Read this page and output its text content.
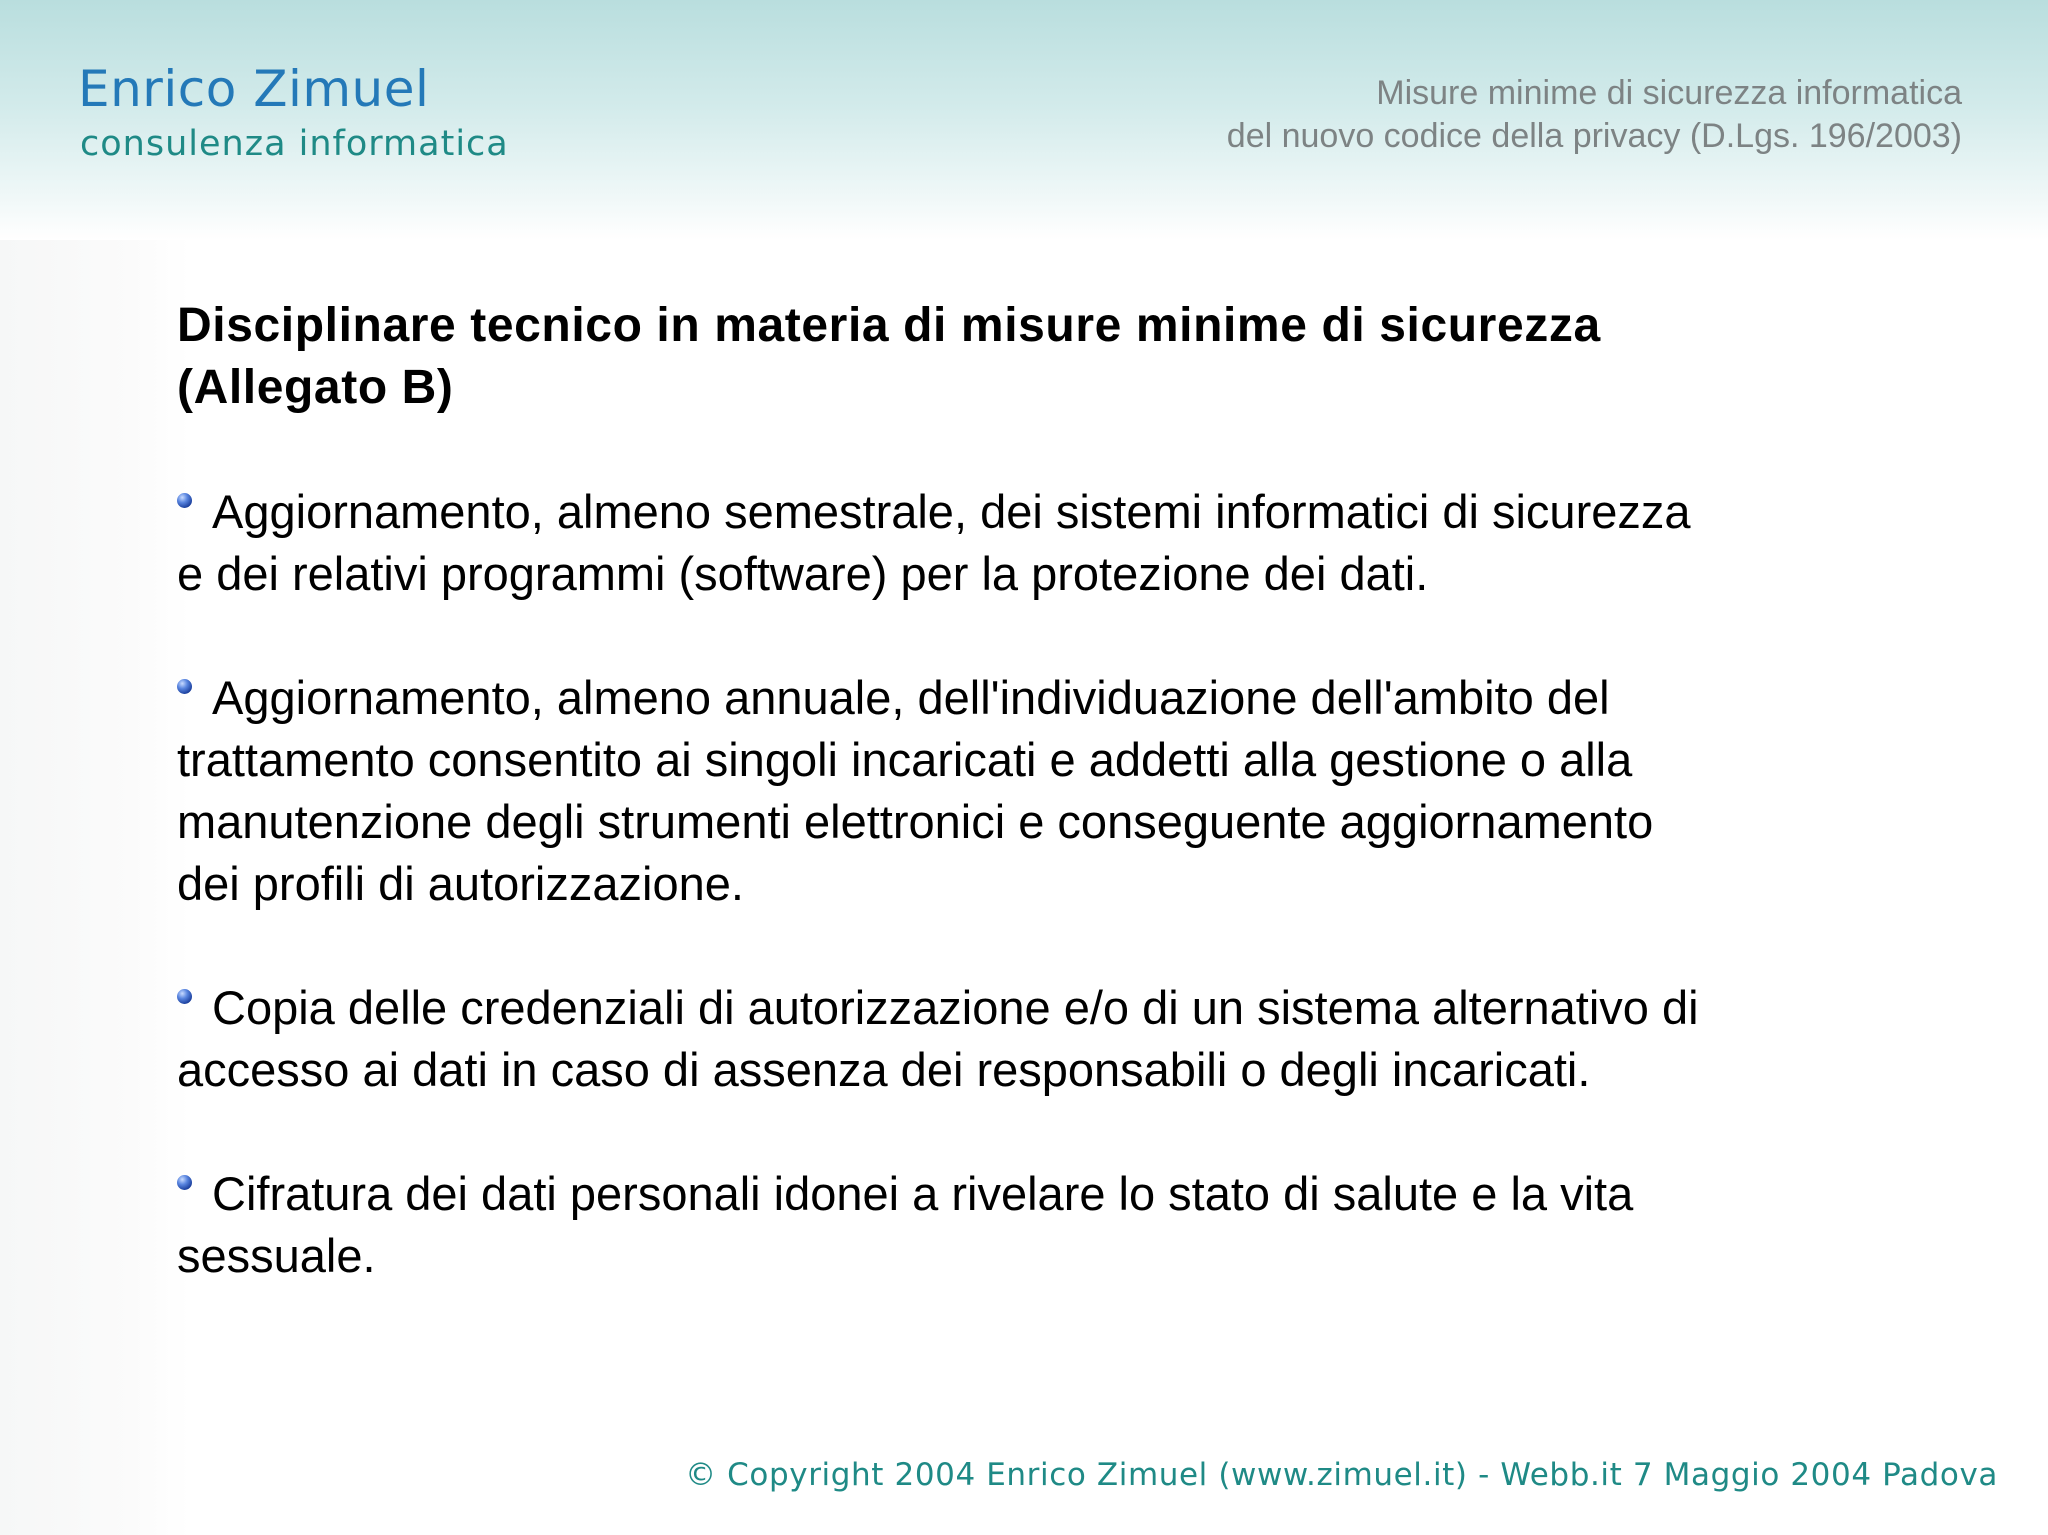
Enrico Zimuel
consulenza informatica
Misure minime di sicurezza informatica
del nuovo codice della privacy (D.Lgs. 196/2003)
Disciplinare tecnico in materia di misure minime di sicurezza
(Allegato B)
Aggiornamento, almeno semestrale, dei sistemi informatici di sicurezza
e dei relativi programmi (software) per la protezione dei dati.
Aggiornamento, almeno annuale, dell'individuazione dell'ambito del
trattamento consentito ai singoli incaricati e addetti alla gestione o alla
manutenzione degli strumenti elettronici e conseguente aggiornamento
dei profili di autorizzazione.
Copia delle credenziali di autorizzazione e/o di un sistema alternativo di
accesso ai dati in caso di assenza dei responsabili o degli incaricati.
Cifratura dei dati personali idonei a rivelare lo stato di salute e la vita
sessuale.
© Copyright 2004 Enrico Zimuel (www.zimuel.it) - Webb.it 7 Maggio 2004 Padova
